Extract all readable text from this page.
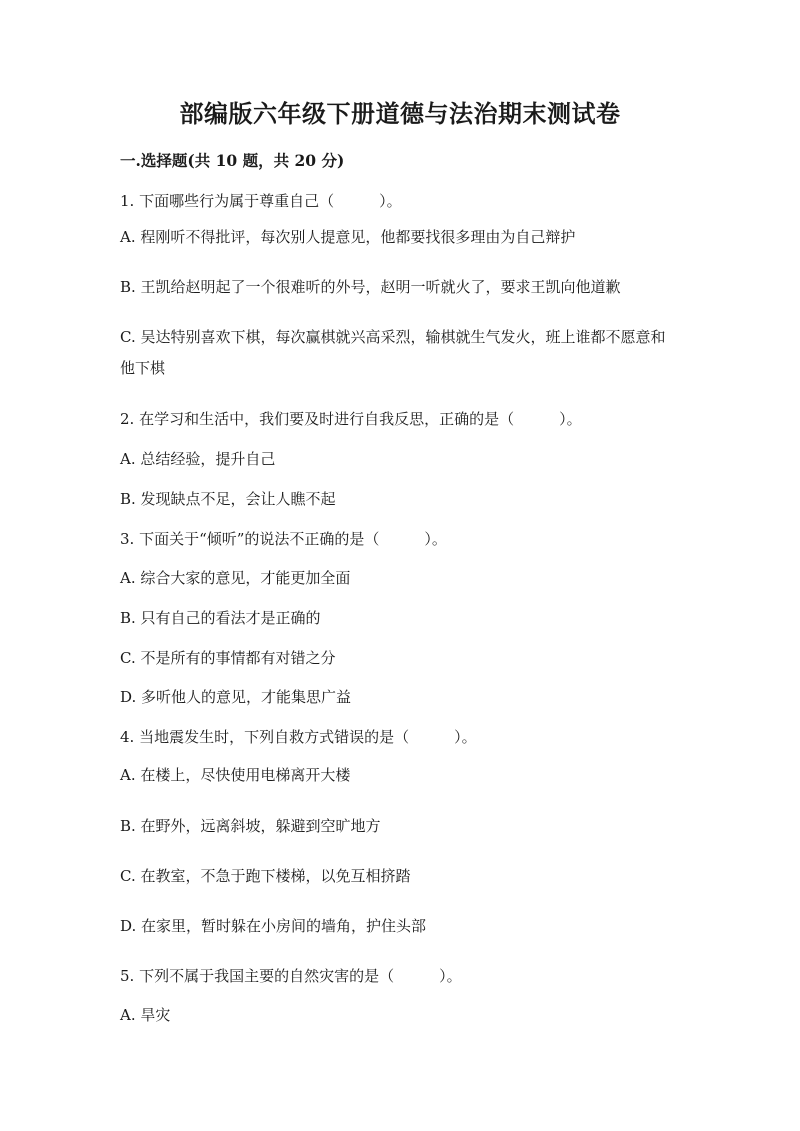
部编版六年级下册道德与法治期末测试卷
一.选择题(共 10 题，共 20 分)
1. 下面哪些行为属于尊重自己（　　　）。
A. 程刚听不得批评，每次别人提意见，他都要找很多理由为自己辩护
B. 王凯给赵明起了一个很难听的外号，赵明一听就火了，要求王凯向他道歉
C. 吴达特别喜欢下棋，每次赢棋就兴高采烈，输棋就生气发火，班上谁都不愿意和他下棋
2. 在学习和生活中，我们要及时进行自我反思，正确的是（　　　）。
A. 总结经验，提升自己
B. 发现缺点不足，会让人瞧不起
3. 下面关于“倾听”的说法不正确的是（　　　）。
A. 综合大家的意见，才能更加全面
B. 只有自己的看法才是正确的
C. 不是所有的事情都有对错之分
D. 多听他人的意见，才能集思广益
4. 当地震发生时，下列自救方式错误的是（　　　）。
A. 在楼上，尽快使用电梯离开大楼
B. 在野外，远离斜坡，躲避到空旷地方
C. 在教室，不急于跑下楼梯，以免互相挤踏
D. 在家里，暂时躲在小房间的墙角，护住头部
5. 下列不属于我国主要的自然灾害的是（　　　）。
A. 旱灾
